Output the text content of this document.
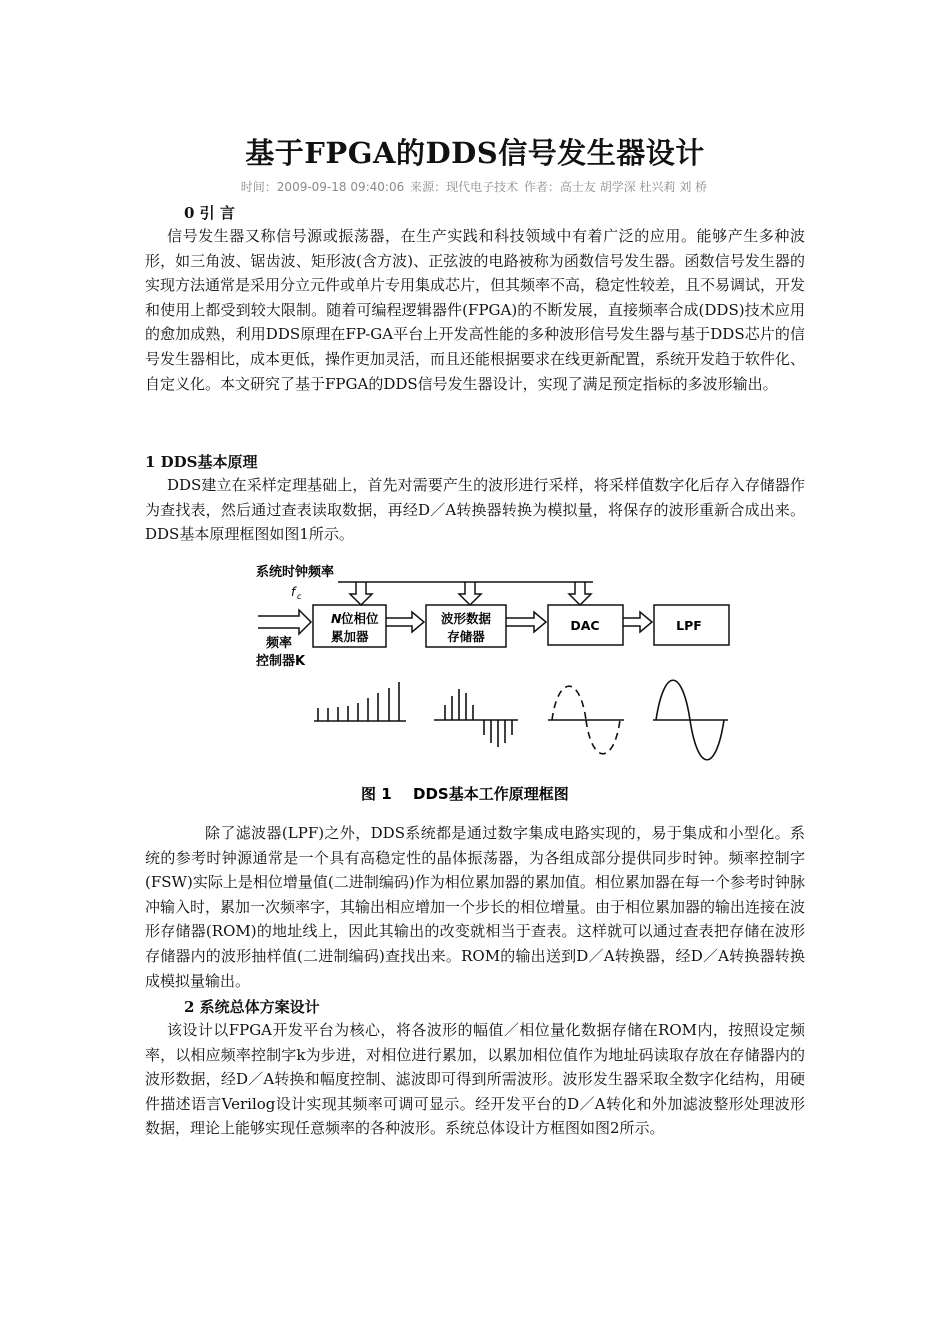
基于FPGA的DDS信号发生器设计
时间：2009-09-18 09:40:06 来源：现代电子技术 作者：高士友 胡学深 杜兴莉 刘 桥
0 引 言

信号发生器又称信号源或振荡器，在生产实践和科技领域中有着广泛的应用。能够产生多种波形，如三角波、锯齿波、矩形波(含方波)、正弦波的电路被称为函数信号发生器。函数信号发生器的实现方法通常是采用分立元件或单片专用集成芯片，但其频率不高，稳定性较差，且不易调试，开发和使用上都受到较大限制。随着可编程逻辑器件(FPGA)的不断发展，直接频率合成(DDS)技术应用的愈加成熟，利用DDS原理在FP-GA平台上开发高性能的多种波形信号发生器与基于DDS芯片的信号发生器相比，成本更低，操作更加灵活，而且还能根据要求在线更新配置，系统开发趋于软件化、自定义化。本文研究了基于FPGA的DDS信号发生器设计，实现了满足预定指标的多波形输出。

1 DDS基本原理

DDS建立在采样定理基础上，首先对需要产生的波形进行采样，将采样值数字化后存入存储器作为查找表，然后通过查表读取数据，再经D／A转换器转换为模拟量，将保存的波形重新合成出来。DDS基本原理框图如图1所示。

系统时钟频率
f c
频率
控制器K
N 位相位
累加器
波形数据
存储器
DAC	LPF
图 1 DDS基本工作原理框图

除了滤波器(LPF)之外，DDS系统都是通过数字集成电路实现的，易于集成和小型化。系统的参考时钟源通常是一个具有高稳定性的晶体振荡器，为各组成部分提供同步时钟。频率控制字(FSW)实际上是相位增量值(二进制编码)作为相位累加器的累加值。相位累加器在每一个参考时钟脉冲输入时，累加一次频率字，其输出相应增加一个步长的相位增量。由于相位累加器的输出连接在波形存储器(ROM)的地址线上，因此其输出的改变就相当于查表。这样就可以通过查表把存储在波形存储器内的波形抽样值(二进制编码)查找出来。ROM的输出送到D／A转换器，经D／A转换器转换成模拟量输出。

2 系统总体方案设计

该设计以FPGA开发平台为核心，将各波形的幅值／相位量化数据存储在ROM内，按照设定频率，以相应频率控制字k为步进，对相位进行累加，以累加相位值作为地址码读取存放在存储器内的波形数据，经D／A转换和幅度控制、滤波即可得到所需波形。波形发生器采取全数字化结构，用硬件描述语言Verilog设计实现其频率可调可显示。经开发平台的D／A转化和外加滤波整形处理波形数据，理论上能够实现任意频率的各种波形。系统总体设计方框图如图2所示。
